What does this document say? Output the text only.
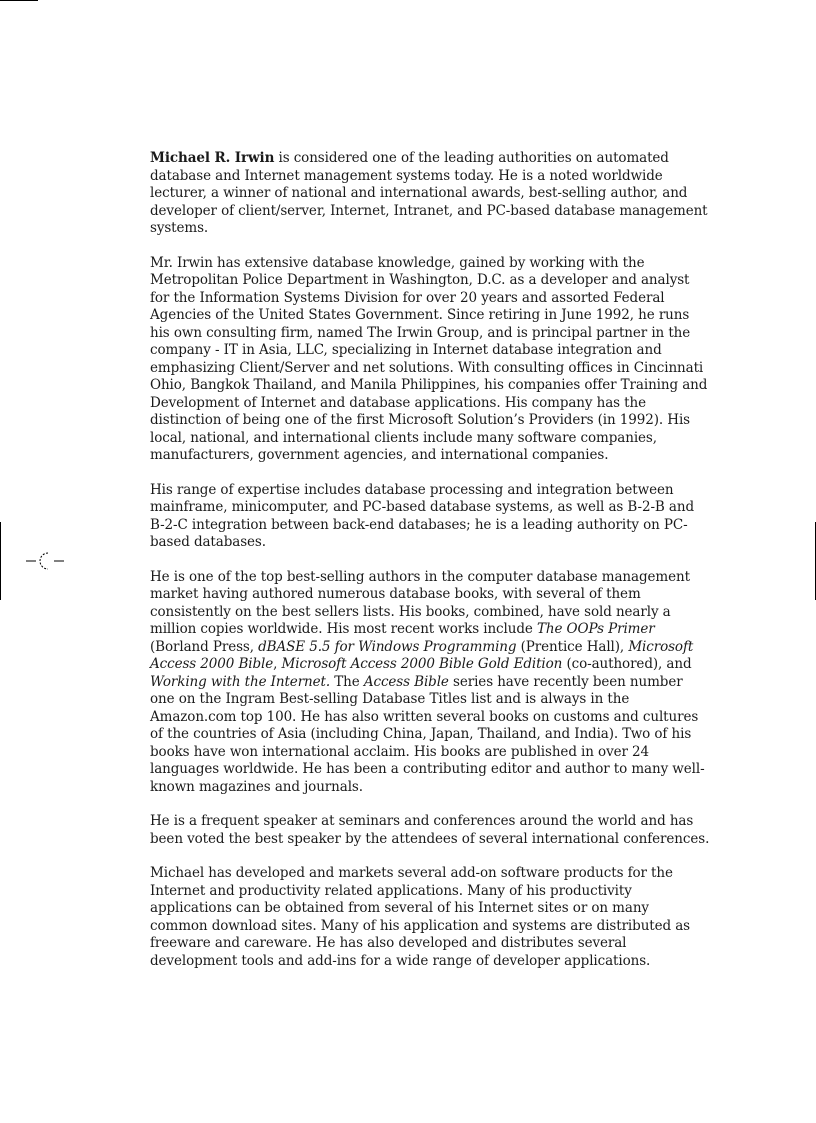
Michael R. Irwin is considered one of the leading authorities on automated database and Internet management systems today. He is a noted worldwide lecturer, a winner of national and international awards, best-selling author, and developer of client/server, Internet, Intranet, and PC-based database management systems.

Mr. Irwin has extensive database knowledge, gained by working with the Metropolitan Police Department in Washington, D.C. as a developer and analyst for the Information Systems Division for over 20 years and assorted Federal Agencies of the United States Government. Since retiring in June 1992, he runs his own consulting firm, named The Irwin Group, and is principal partner in the company - IT in Asia, LLC, specializing in Internet database integration and emphasizing Client/Server and net solutions. With consulting offices in Cincinnati Ohio, Bangkok Thailand, and Manila Philippines, his companies offer Training and Development of Internet and database applications. His company has the distinction of being one of the first Microsoft Solution’s Providers (in 1992). His local, national, and international clients include many software companies, manufacturers, government agencies, and international companies.

His range of expertise includes database processing and integration between mainframe, minicomputer, and PC-based database systems, as well as B-2-B and B-2-C integration between back-end databases; he is a leading authority on PC-based databases.

He is one of the top best-selling authors in the computer database management market having authored numerous database books, with several of them consistently on the best sellers lists. His books, combined, have sold nearly a million copies worldwide. His most recent works include The OOPs Primer (Borland Press, dBASE 5.5 for Windows Programming (Prentice Hall), Microsoft Access 2000 Bible, Microsoft Access 2000 Bible Gold Edition (co-authored), and Working with the Internet. The Access Bible series have recently been number one on the Ingram Best-selling Database Titles list and is always in the Amazon.com top 100. He has also written several books on customs and cultures of the countries of Asia (including China, Japan, Thailand, and India). Two of his books have won international acclaim. His books are published in over 24 languages worldwide. He has been a contributing editor and author to many well-known magazines and journals.

He is a frequent speaker at seminars and conferences around the world and has been voted the best speaker by the attendees of several international conferences.

Michael has developed and markets several add-on software products for the Internet and productivity related applications. Many of his productivity applications can be obtained from several of his Internet sites or on many common download sites. Many of his application and systems are distributed as freeware and careware. He has also developed and distributes several development tools and add-ins for a wide range of developer applications.
